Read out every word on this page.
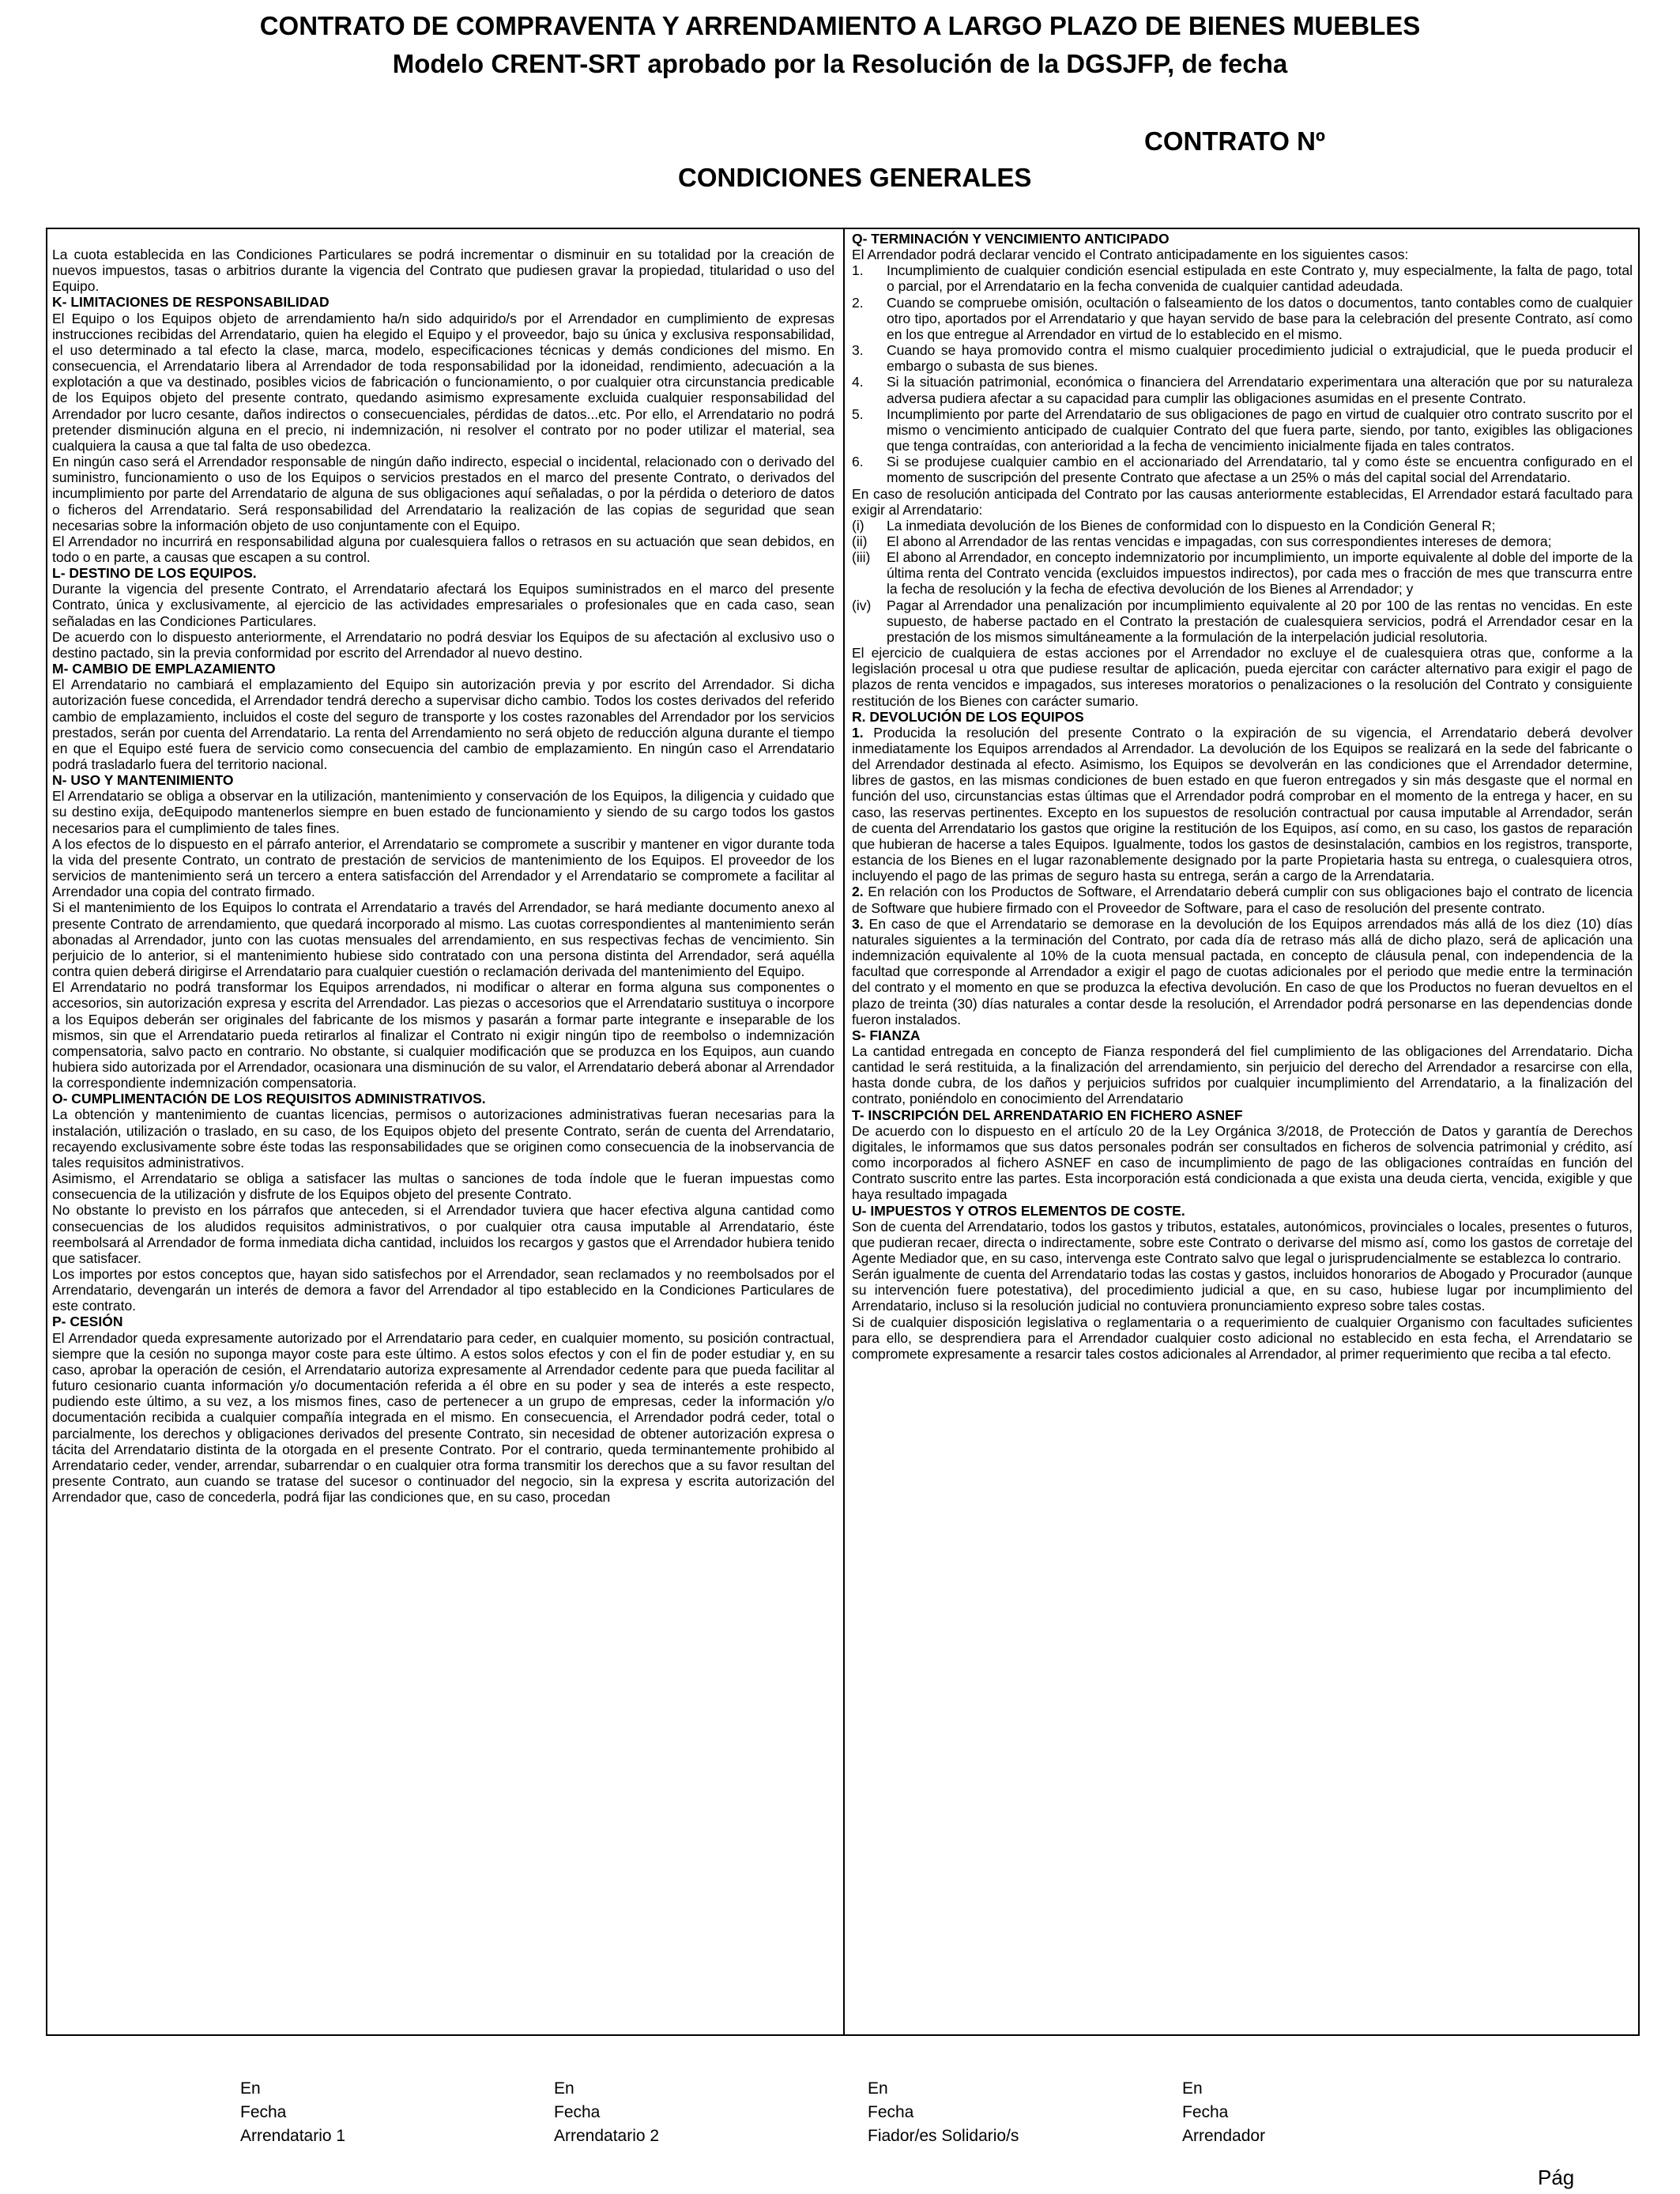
CONTRATO DE COMPRAVENTA Y ARRENDAMIENTO A LARGO PLAZO DE BIENES MUEBLES
Modelo CRENT-SRT aprobado por la Resolución de la DGSJFP, de fecha
CONTRATO Nº
CONDICIONES GENERALES

La cuota establecida en las Condiciones Particulares se podrá incrementar o disminuir en su totalidad por la creación de nuevos impuestos, tasas o arbitrios durante la vigencia del Contrato que pudiesen gravar la propiedad, titularidad o uso del Equipo.

K- LIMITACIONES DE RESPONSABILIDAD

El Equipo o los Equipos objeto de arrendamiento ha/n sido adquirido/s por el Arrendador en cumplimiento de expresas instrucciones recibidas del Arrendatario, quien ha elegido el Equipo y el proveedor, bajo su única y exclusiva responsabilidad, el uso determinado a tal efecto la clase, marca, modelo, especificaciones técnicas y demás condiciones del mismo. En consecuencia, el Arrendatario libera al Arrendador de toda responsabilidad por la idoneidad, rendimiento, adecuación a la explotación a que va destinado, posibles vicios de fabricación o funcionamiento, o por cualquier otra circunstancia predicable de los Equipos objeto del presente contrato, quedando asimismo expresamente excluida cualquier responsabilidad del Arrendador por lucro cesante, daños indirectos o consecuenciales, pérdidas de datos...etc. Por ello, el Arrendatario no podrá pretender disminución alguna en el precio, ni indemnización, ni resolver el contrato por no poder utilizar el material, sea cualquiera la causa a que tal falta de uso obedezca.

En ningún caso será el Arrendador responsable de ningún daño indirecto, especial o incidental, relacionado con o derivado del suministro, funcionamiento o uso de los Equipos o servicios prestados en el marco del presente Contrato, o derivados del incumplimiento por parte del Arrendatario de alguna de sus obligaciones aquí señaladas, o por la pérdida o deterioro de datos o ficheros del Arrendatario. Será responsabilidad del Arrendatario la realización de las copias de seguridad que sean necesarias sobre la información objeto de uso conjuntamente con el Equipo.

El Arrendador no incurrirá en responsabilidad alguna por cualesquiera fallos o retrasos en su actuación que sean debidos, en todo o en parte, a causas que escapen a su control.

L- DESTINO DE LOS EQUIPOS.

Durante la vigencia del presente Contrato, el Arrendatario afectará los Equipos suministrados en el marco del presente Contrato, única y exclusivamente, al ejercicio de las actividades empresariales o profesionales que en cada caso, sean señaladas en las Condiciones Particulares.

De acuerdo con lo dispuesto anteriormente, el Arrendatario no podrá desviar los Equipos de su afectación al exclusivo uso o destino pactado, sin la previa conformidad por escrito del Arrendador al nuevo destino.

M- CAMBIO DE EMPLAZAMIENTO

El Arrendatario no cambiará el emplazamiento del Equipo sin autorización previa y por escrito del Arrendador. Si dicha autorización fuese concedida, el Arrendador tendrá derecho a supervisar dicho cambio. Todos los costes derivados del referido cambio de emplazamiento, incluidos el coste del seguro de transporte y los costes razonables del Arrendador por los servicios prestados, serán por cuenta del Arrendatario. La renta del Arrendamiento no será objeto de reducción alguna durante el tiempo en que el Equipo esté fuera de servicio como consecuencia del cambio de emplazamiento. En ningún caso el Arrendatario podrá trasladarlo fuera del territorio nacional.

N- USO Y MANTENIMIENTO

El Arrendatario se obliga a observar en la utilización, mantenimiento y conservación de los Equipos, la diligencia y cuidado que su destino exija, deEquipodo mantenerlos siempre en buen estado de funcionamiento y siendo de su cargo todos los gastos necesarios para el cumplimiento de tales fines.

A los efectos de lo dispuesto en el párrafo anterior, el Arrendatario se compromete a suscribir y mantener en vigor durante toda la vida del presente Contrato, un contrato de prestación de servicios de mantenimiento de los Equipos. El proveedor de los servicios de mantenimiento será un tercero a entera satisfacción del Arrendador y el Arrendatario se compromete a facilitar al Arrendador una copia del contrato firmado.

Si el mantenimiento de los Equipos lo contrata el Arrendatario a través del Arrendador, se hará mediante documento anexo al presente Contrato de arrendamiento, que quedará incorporado al mismo. Las cuotas correspondientes al mantenimiento serán abonadas al Arrendador, junto con las cuotas mensuales del arrendamiento, en sus respectivas fechas de vencimiento. Sin perjuicio de lo anterior, si el mantenimiento hubiese sido contratado con una persona distinta del Arrendador, será aquélla contra quien deberá dirigirse el Arrendatario para cualquier cuestión o reclamación derivada del mantenimiento del Equipo.

El Arrendatario no podrá transformar los Equipos arrendados, ni modificar o alterar en forma alguna sus componentes o accesorios, sin autorización expresa y escrita del Arrendador. Las piezas o accesorios que el Arrendatario sustituya o incorpore a los Equipos deberán ser originales del fabricante de los mismos y pasarán a formar parte integrante e inseparable de los mismos, sin que el Arrendatario pueda retirarlos al finalizar el Contrato ni exigir ningún tipo de reembolso o indemnización compensatoria, salvo pacto en contrario. No obstante, si cualquier modificación que se produzca en los Equipos, aun cuando hubiera sido autorizada por el Arrendador, ocasionara una disminución de su valor, el Arrendatario deberá abonar al Arrendador la correspondiente indemnización compensatoria.

O- CUMPLIMENTACIÓN DE LOS REQUISITOS ADMINISTRATIVOS.

La obtención y mantenimiento de cuantas licencias, permisos o autorizaciones administrativas fueran necesarias para la instalación, utilización o traslado, en su caso, de los Equipos objeto del presente Contrato, serán de cuenta del Arrendatario, recayendo exclusivamente sobre éste todas las responsabilidades que se originen como consecuencia de la inobservancia de tales requisitos administrativos.

Asimismo, el Arrendatario se obliga a satisfacer las multas o sanciones de toda índole que le fueran impuestas como consecuencia de la utilización y disfrute de los Equipos objeto del presente Contrato.

No obstante lo previsto en los párrafos que anteceden, si el Arrendador tuviera que hacer efectiva alguna cantidad como consecuencias de los aludidos requisitos administrativos, o por cualquier otra causa imputable al Arrendatario, éste reembolsará al Arrendador de forma inmediata dicha cantidad, incluidos los recargos y gastos que el Arrendador hubiera tenido que satisfacer.

Los importes por estos conceptos que, hayan sido satisfechos por el Arrendador, sean reclamados y no reembolsados por el Arrendatario, devengarán un interés de demora a favor del Arrendador al tipo establecido en la Condiciones Particulares de este contrato.

P- CESIÓN

El Arrendador queda expresamente autorizado por el Arrendatario para ceder, en cualquier momento, su posición contractual, siempre que la cesión no suponga mayor coste para este último. A estos solos efectos y con el fin de poder estudiar y, en su caso, aprobar la operación de cesión, el Arrendatario autoriza expresamente al Arrendador cedente para que pueda facilitar al futuro cesionario cuanta información y/o documentación referida a él obre en su poder y sea de interés a este respecto, pudiendo este último, a su vez, a los mismos fines, caso de pertenecer a un grupo de empresas, ceder la información y/o documentación recibida a cualquier compañía integrada en el mismo. En consecuencia, el Arrendador podrá ceder, total o parcialmente, los derechos y obligaciones derivados del presente Contrato, sin necesidad de obtener autorización expresa o tácita del Arrendatario distinta de la otorgada en el presente Contrato. Por el contrario, queda terminantemente prohibido al Arrendatario ceder, vender, arrendar, subarrendar o en cualquier otra forma transmitir los derechos que a su favor resultan del presente Contrato, aun cuando se tratase del sucesor o continuador del negocio, sin la expresa y escrita autorización del Arrendador que, caso de concederla, podrá fijar las condiciones que, en su caso, procedan

Q- TERMINACIÓN Y VENCIMIENTO ANTICIPADO

El Arrendador podrá declarar vencido el Contrato anticipadamente en los siguientes casos:

1.	Incumplimiento de cualquier condición esencial estipulada en este Contrato y, muy especialmente, la falta de pago, total o parcial, por el Arrendatario en la fecha convenida de cualquier cantidad adeudada.
2.	Cuando se compruebe omisión, ocultación o falseamiento de los datos o documentos, tanto contables como de cualquier otro tipo, aportados por el Arrendatario y que hayan servido de base para la celebración del presente Contrato, así como en los que entregue al Arrendador en virtud de lo establecido en el mismo.
3.	Cuando se haya promovido contra el mismo cualquier procedimiento judicial o extrajudicial, que le pueda producir el embargo o subasta de sus bienes.
4.	Si la situación patrimonial, económica o financiera del Arrendatario experimentara una alteración que por su naturaleza adversa pudiera afectar a su capacidad para cumplir las obligaciones asumidas en el presente Contrato.
5.	Incumplimiento por parte del Arrendatario de sus obligaciones de pago en virtud de cualquier otro contrato suscrito por el mismo o vencimiento anticipado de cualquier Contrato del que fuera parte, siendo, por tanto, exigibles las obligaciones que tenga contraídas, con anterioridad a la fecha de vencimiento inicialmente fijada en tales contratos.
6.	Si se produjese cualquier cambio en el accionariado del Arrendatario, tal y como éste se encuentra configurado en el momento de suscripción del presente Contrato que afectase a un 25% o más del capital social del Arrendatario.

En caso de resolución anticipada del Contrato por las causas anteriormente establecidas, El Arrendador estará facultado para exigir al Arrendatario:

(i)	La inmediata devolución de los Bienes de conformidad con lo dispuesto en la Condición General R;
(ii)	El abono al Arrendador de las rentas vencidas e impagadas, con sus correspondientes intereses de demora;
(iii)	El abono al Arrendador, en concepto indemnizatorio por incumplimiento, un importe equivalente al doble del importe de la última renta del Contrato vencida (excluidos impuestos indirectos), por cada mes o fracción de mes que transcurra entre la fecha de resolución y la fecha de efectiva devolución de los Bienes al Arrendador; y
(iv)	Pagar al Arrendador una penalización por incumplimiento equivalente al 20 por 100 de las rentas no vencidas. En este supuesto, de haberse pactado en el Contrato la prestación de cualesquiera servicios, podrá el Arrendador cesar en la prestación de los mismos simultáneamente a la formulación de la interpelación judicial resolutoria.

El ejercicio de cualquiera de estas acciones por el Arrendador no excluye el de cualesquiera otras que, conforme a la legislación procesal u otra que pudiese resultar de aplicación, pueda ejercitar con carácter alternativo para exigir el pago de plazos de renta vencidos e impagados, sus intereses moratorios o penalizaciones o la resolución del Contrato y consiguiente restitución de los Bienes con carácter sumario.

R. DEVOLUCIÓN DE LOS EQUIPOS

1. Producida la resolución del presente Contrato o la expiración de su vigencia, el Arrendatario deberá devolver inmediatamente los Equipos arrendados al Arrendador. La devolución de los Equipos se realizará en la sede del fabricante o del Arrendador destinada al efecto. Asimismo, los Equipos se devolverán en las condiciones que el Arrendador determine, libres de gastos, en las mismas condiciones de buen estado en que fueron entregados y sin más desgaste que el normal en función del uso, circunstancias estas últimas que el Arrendador podrá comprobar en el momento de la entrega y hacer, en su caso, las reservas pertinentes. Excepto en los supuestos de resolución contractual por causa imputable al Arrendador, serán de cuenta del Arrendatario los gastos que origine la restitución de los Equipos, así como, en su caso, los gastos de reparación que hubieran de hacerse a tales Equipos. Igualmente, todos los gastos de desinstalación, cambios en los registros, transporte, estancia de los Bienes en el lugar razonablemente designado por la parte Propietaria hasta su entrega, o cualesquiera otros, incluyendo el pago de las primas de seguro hasta su entrega, serán a cargo de la Arrendataria.

2. En relación con los Productos de Software, el Arrendatario deberá cumplir con sus obligaciones bajo el contrato de licencia de Software que hubiere firmado con el Proveedor de Software, para el caso de resolución del presente contrato.

3. En caso de que el Arrendatario se demorase en la devolución de los Equipos arrendados más allá de los diez (10) días naturales siguientes a la terminación del Contrato, por cada día de retraso más allá de dicho plazo, será de aplicación una indemnización equivalente al 10% de la cuota mensual pactada, en concepto de cláusula penal, con independencia de la facultad que corresponde al Arrendador a exigir el pago de cuotas adicionales por el periodo que medie entre la terminación del contrato y el momento en que se produzca la efectiva devolución. En caso de que los Productos no fueran devueltos en el plazo de treinta (30) días naturales a contar desde la resolución, el Arrendador podrá personarse en las dependencias donde fueron instalados.

S- FIANZA

La cantidad entregada en concepto de Fianza responderá del fiel cumplimiento de las obligaciones del Arrendatario. Dicha cantidad le será restituida, a la finalización del arrendamiento, sin perjuicio del derecho del Arrendador a resarcirse con ella, hasta donde cubra, de los daños y perjuicios sufridos por cualquier incumplimiento del Arrendatario, a la finalización del contrato, poniéndolo en conocimiento del Arrendatario

T- INSCRIPCIÓN DEL ARRENDATARIO EN FICHERO ASNEF

De acuerdo con lo dispuesto en el artículo 20 de la Ley Orgánica 3/2018, de Protección de Datos y garantía de Derechos digitales, le informamos que sus datos personales podrán ser consultados en ficheros de solvencia patrimonial y crédito, así como incorporados al fichero ASNEF en caso de incumplimiento de pago de las obligaciones contraídas en función del Contrato suscrito entre las partes. Esta incorporación está condicionada a que exista una deuda cierta, vencida, exigible y que haya resultado impagada

U- IMPUESTOS Y OTROS ELEMENTOS DE COSTE.

Son de cuenta del Arrendatario, todos los gastos y tributos, estatales, autonómicos, provinciales o locales, presentes o futuros, que pudieran recaer, directa o indirectamente, sobre este Contrato o derivarse del mismo así, como los gastos de corretaje del Agente Mediador que, en su caso, intervenga este Contrato salvo que legal o jurisprudencialmente se establezca lo contrario.

Serán igualmente de cuenta del Arrendatario todas las costas y gastos, incluidos honorarios de Abogado y Procurador (aunque su intervención fuere potestativa), del procedimiento judicial a que, en su caso, hubiese lugar por incumplimiento del Arrendatario, incluso si la resolución judicial no contuviera pronunciamiento expreso sobre tales costas.

Si de cualquier disposición legislativa o reglamentaria o a requerimiento de cualquier Organismo con facultades suficientes para ello, se desprendiera para el Arrendador cualquier costo adicional no establecido en esta fecha, el Arrendatario se compromete expresamente a resarcir tales costos adicionales al Arrendador, al primer requerimiento que reciba a tal efecto.

En
Fecha
Arrendatario 1
En
Fecha
Arrendatario 2
En
Fecha
Fiador/es Solidario/s
En
Fecha
Arrendador
Pág
